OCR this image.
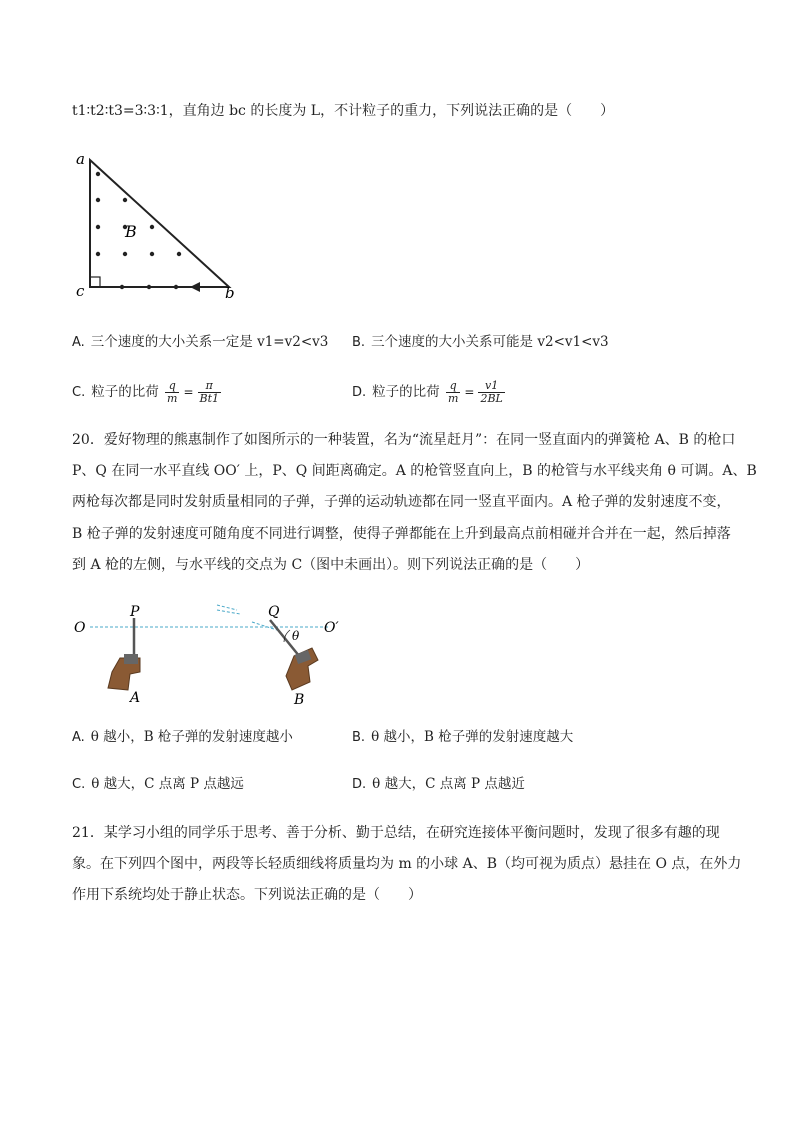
t1∶t2∶t3=3∶3∶1，直角边 bc 的长度为 L，不计粒子的重力，下列说法正确的是（　　）
a
c	b
B
A. 三个速度的大小关系一定是 v1=v2<v3 B. 三个速度的大小关系可能是 v2<v1<v3
C. 粒子的比荷 $\frac{q}{m} = \frac{\pi}{Bt1}$	D. 粒子的比荷 $\frac{q}{m} = \frac{v1}{2BL}$
20．爱好物理的熊惠制作了如图所示的一种装置，名为“流星赶月”：在同一竖直面内的弹簧枪 A、B 的枪口
P、Q 在同一水平直线 OO′ 上，P、Q 间距离确定。A 的枪管竖直向上，B 的枪管与水平线夹角 θ 可调。A、B
两枪每次都是同时发射质量相同的子弹，子弹的运动轨迹都在同一竖直平面内。A 枪子弹的发射速度不变，
B 枪子弹的发射速度可随角度不同进行调整，使得子弹都能在上升到最高点前相碰并合并在一起，然后掉落
到 A 枪的左侧，与水平线的交点为 C（图中未画出）。则下列说法正确的是（　　）
O	O′
P	Q
θ
A	B
A. θ 越小，B 枪子弹的发射速度越小	B. θ 越小，B 枪子弹的发射速度越大
C. θ 越大，C 点离 P 点越远	D. θ 越大，C 点离 P 点越近
21．某学习小组的同学乐于思考、善于分析、勤于总结，在研究连接体平衡问题时，发现了很多有趣的现
象。在下列四个图中，两段等长轻质细线将质量均为 m 的小球 A、B（均可视为质点）悬挂在 O 点，在外力
作用下系统均处于静止状态。下列说法正确的是（　　）
